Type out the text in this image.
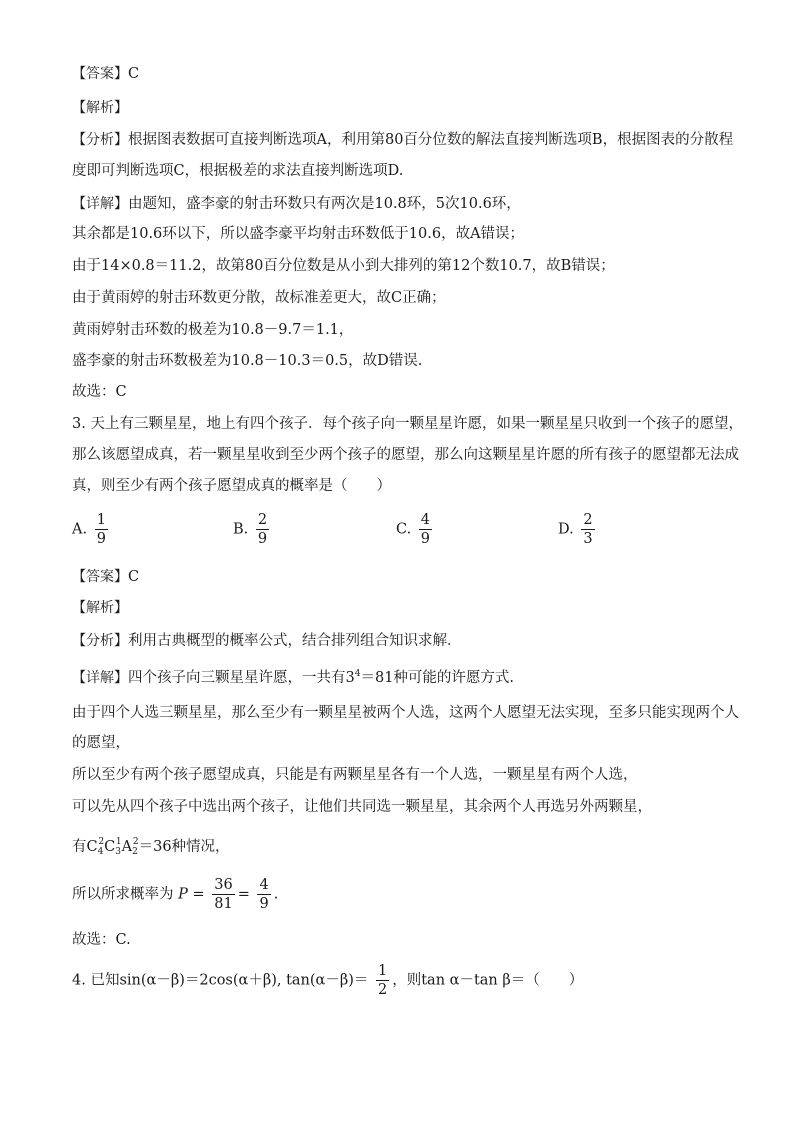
【答案】C
【解析】
【分析】根据图表数据可直接判断选项A，利用第80百分位数的解法直接判断选项B，根据图表的分散程
度即可判断选项C，根据极差的求法直接判断选项D.
【详解】由题知，盛李豪的射击环数只有两次是10.8环，5次10.6环，
其余都是10.6环以下，所以盛李豪平均射击环数低于10.6，故A错误；
由于14×0.8＝11.2，故第80百分位数是从小到大排列的第12个数10.7，故B错误；
由于黄雨婷的射击环数更分散，故标准差更大，故C正确；
黄雨婷射击环数的极差为10.8－9.7＝1.1，
盛李豪的射击环数极差为10.8－10.3＝0.5，故D错误.
故选：C
3. 天上有三颗星星，地上有四个孩子．每个孩子向一颗星星许愿，如果一颗星星只收到一个孩子的愿望，
那么该愿望成真，若一颗星星收到至少两个孩子的愿望，那么向这颗星星许愿的所有孩子的愿望都无法成
真，则至少有两个孩子愿望成真的概率是（　　）
A. $\frac{1}{9}$	B. $\frac{2}{9}$	C. $\frac{4}{9}$	D. $\frac{2}{3}$
【答案】C
【解析】
【分析】利用古典概型的概率公式，结合排列组合知识求解．
【详解】四个孩子向三颗星星许愿，一共有$3^4=81$种可能的许愿方式.
由于四个人选三颗星星，那么至少有一颗星星被两个人选，这两个人愿望无法实现，至多只能实现两个人
的愿望，
所以至少有两个孩子愿望成真，只能是有两颗星星各有一个人选，一颗星星有两个人选，
可以先从四个孩子中选出两个孩子，让他们共同选一颗星星，其余两个人再选另外两颗星，
有$C_4^2C_3^1A_2^2=36$种情况，
所以所求概率为 $P = \frac{36}{81} = \frac{4}{9}$ .
故选：C.
4. 已知sin(α－β)＝2cos(α＋β), $\tan(\alpha-\beta)= \frac{1}{2}$ ，则tan α－tan β＝（　　）
